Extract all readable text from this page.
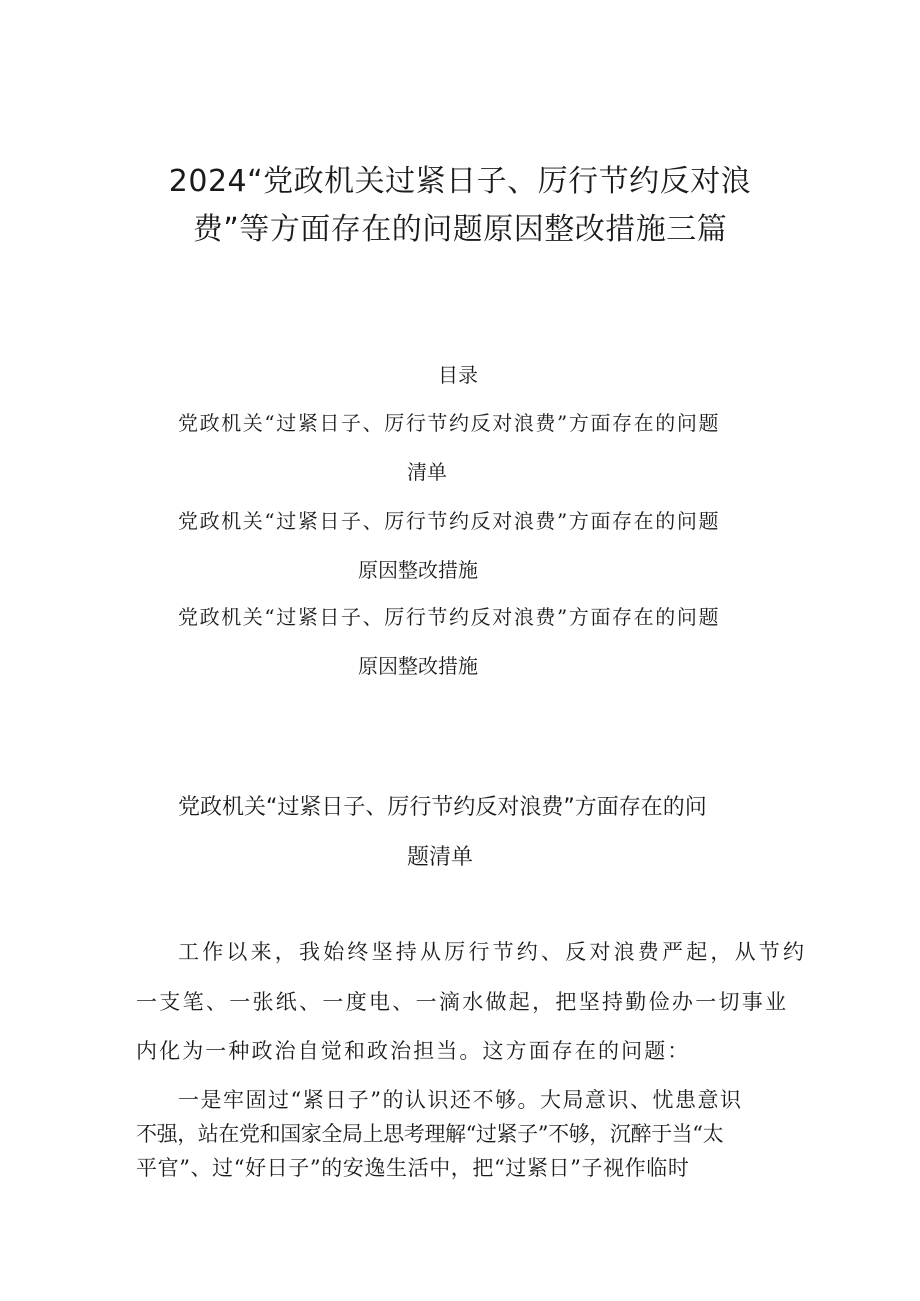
2024“党政机关过紧日子、厉行节约反对浪
费”等方面存在的问题原因整改措施三篇
目录
党政机关“过紧日子、厉行节约反对浪费”方面存在的问题
清单
党政机关“过紧日子、厉行节约反对浪费”方面存在的问题
原因整改措施
党政机关“过紧日子、厉行节约反对浪费”方面存在的问题
原因整改措施
党政机关“过紧日子、厉行节约反对浪费”方面存在的问
题清单
工作以来，我始终坚持从厉行节约、反对浪费严起，从节约
一支笔、一张纸、一度电、一滴水做起，把坚持勤俭办一切事业
内化为一种政治自觉和政治担当。这方面存在的问题：
一是牢固过“紧日子”的认识还不够。大局意识、忧患意识
不强，站在党和国家全局上思考理解“过紧子”不够，沉醉于当“太
平官”、过“好日子”的安逸生活中，把“过紧日”子视作临时
